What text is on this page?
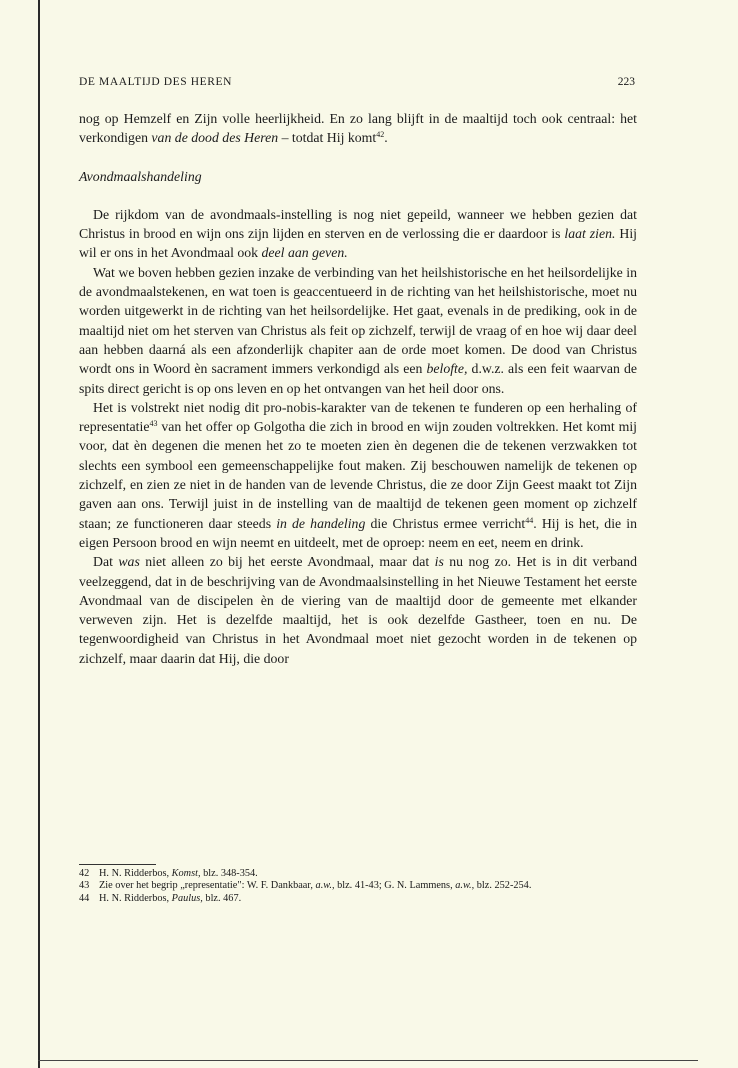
DE MAALTIJD DES HEREN	223

nog op Hemzelf en Zijn volle heerlijkheid. En zo lang blijft in de maaltijd toch ook centraal: het verkondigen van de dood des Heren – totdat Hij komt$^{42}$.

Avondmaalshandeling

De rijkdom van de avondmaals-instelling is nog niet gepeild, wanneer we hebben gezien dat Christus in brood en wijn ons zijn lijden en sterven en de verlossing die er daardoor is laat zien. Hij wil er ons in het Avondmaal ook deel aan geven.

Wat we boven hebben gezien inzake de verbinding van het heilshistorische en het heilsordelijke in de avondmaalstekenen, en wat toen is geaccentueerd in de richting van het heilshistorische, moet nu worden uitgewerkt in de richting van het heilsordelijke. Het gaat, evenals in de prediking, ook in de maaltijd niet om het sterven van Christus als feit op zichzelf, terwijl de vraag of en hoe wij daar deel aan hebben daarná als een afzonderlijk chapiter aan de orde moet komen. De dood van Christus wordt ons in Woord èn sacrament immers verkondigd als een belofte, d.w.z. als een feit waarvan de spits direct gericht is op ons leven en op het ontvangen van het heil door ons.

Het is volstrekt niet nodig dit pro-nobis-karakter van de tekenen te funderen op een herhaling of representatie$^{43}$ van het offer op Golgotha die zich in brood en wijn zouden voltrekken. Het komt mij voor, dat èn degenen die menen het zo te moeten zien èn degenen die de tekenen verzwakken tot slechts een symbool een gemeenschappelijke fout maken. Zij beschouwen namelijk de tekenen op zichzelf, en zien ze niet in de handen van de levende Christus, die ze door Zijn Geest maakt tot Zijn gaven aan ons. Terwijl juist in de instelling van de maaltijd de tekenen geen moment op zichzelf staan; ze functioneren daar steeds in de handeling die Christus ermee verricht$^{44}$. Hij is het, die in eigen Persoon brood en wijn neemt en uitdeelt, met de oproep: neem en eet, neem en drink.

Dat was niet alleen zo bij het eerste Avondmaal, maar dat is nu nog zo. Het is in dit verband veelzeggend, dat in de beschrijving van de Avondmaalsinstelling in het Nieuwe Testament het eerste Avondmaal van de discipelen èn de viering van de maaltijd door de gemeente met elkander verweven zijn. Het is dezelfde maaltijd, het is ook dezelfde Gastheer, toen en nu. De tegenwoordigheid van Christus in het Avondmaal moet niet gezocht worden in de tekenen op zichzelf, maar daarin dat Hij, die door

42 H. N. Ridderbos, Komst, blz. 348-354.
43 Zie over het begrip „representatie": W. F. Dankbaar, a.w., blz. 41-43; G. N. Lammens, a.w., blz. 252-254.
44 H. N. Ridderbos, Paulus, blz. 467.
